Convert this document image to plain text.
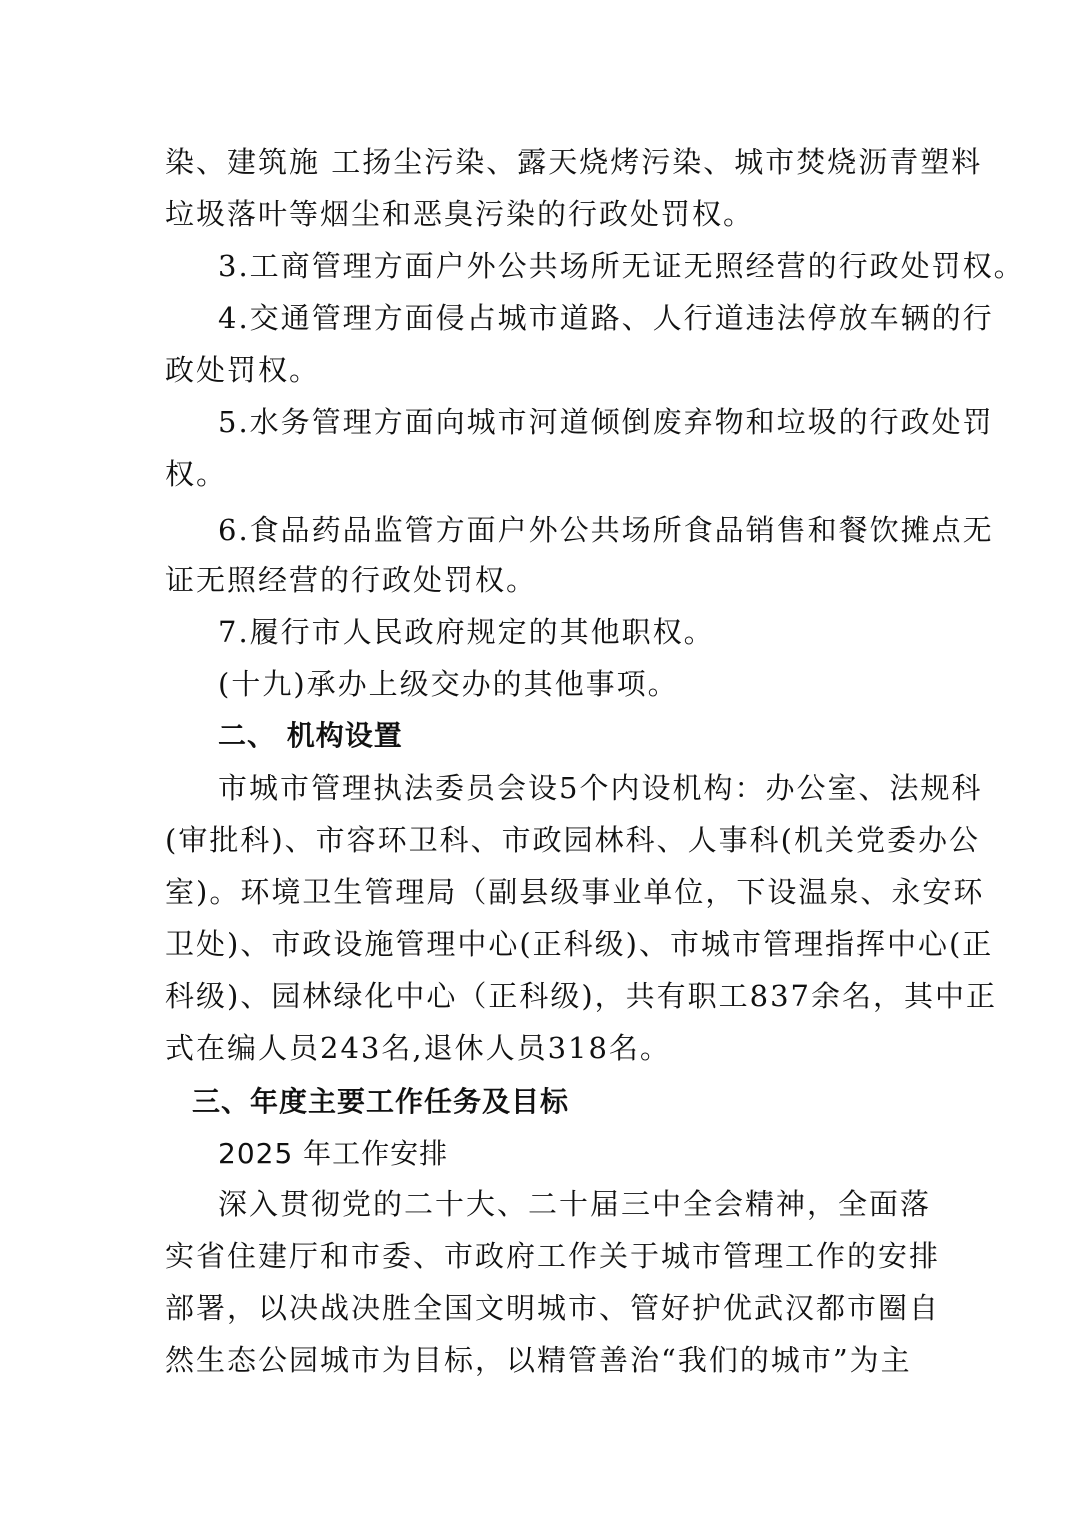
染、建筑施 工扬尘污染、露天烧烤污染、城市焚烧沥青塑料
垃圾落叶等烟尘和恶臭污染的行政处罚权。
3.工商管理方面户外公共场所无证无照经营的行政处罚权。
4.交通管理方面侵占城市道路、人行道违法停放车辆的行
政处罚权。
5.水务管理方面向城市河道倾倒废弃物和垃圾的行政处罚
权。
6.食品药品监管方面户外公共场所食品销售和餐饮摊点无
证无照经营的行政处罚权。
7.履行市人民政府规定的其他职权。
(十九)承办上级交办的其他事项。
二、 机构设置
市城市管理执法委员会设5个内设机构：办公室、法规科
(审批科)、市容环卫科、市政园林科、人事科(机关党委办公
室)。环境卫生管理局（副县级事业单位，下设温泉、永安环
卫处)、市政设施管理中心(正科级)、市城市管理指挥中心(正
科级)、园林绿化中心（正科级)，共有职工837余名，其中正
式在编人员243名,退休人员318名。
三、年度主要工作任务及目标
2025 年工作安排
深入贯彻党的二十大、二十届三中全会精神，全面落
实省住建厅和市委、市政府工作关于城市管理工作的安排
部署，以决战决胜全国文明城市、管好护优武汉都市圈自
然生态公园城市为目标，以精管善治“我们的城市”为主
